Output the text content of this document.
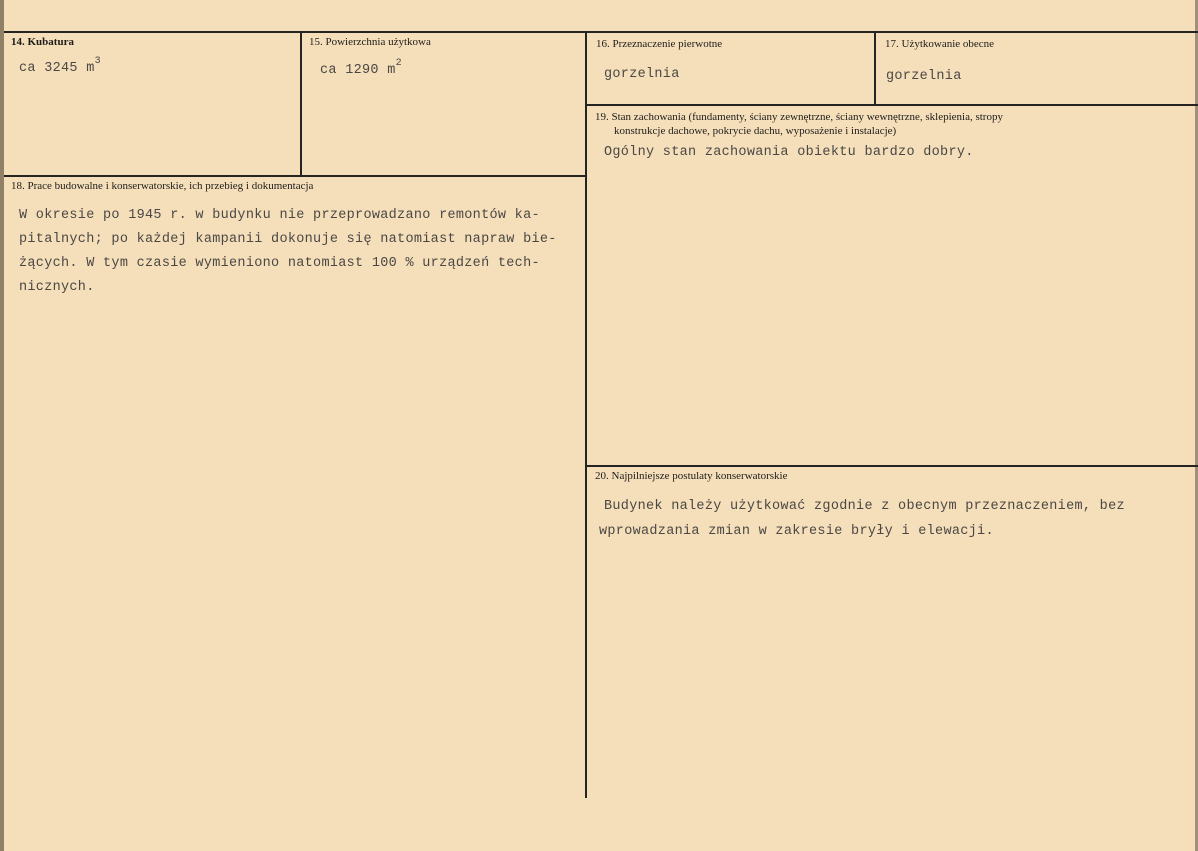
14. Kubatura
ca 3245 $m^3$
15. Powierzchnia użytkowa
ca 1290 $m^2$
16. Przeznaczenie pierwotne
gorzelnia
17. Użytkowanie obecne
gorzelnia
18. Prace budowalne i konserwatorskie, ich przebieg i dokumentacja
W okresie po 1945 r. w budynku nie przeprowadzano remontów ka-
pitalnych; po każdej kampanii dokonuje się natomiast napraw bie-
żących. W tym czasie wymieniono natomiast 100 % urządzeń tech-
nicznych.
19. Stan zachowania (fundamenty, ściany zewnętrzne, ściany wewnętrzne, sklepienia, stropy
konstrukcje dachowe, pokrycie dachu, wyposażenie i instalacje)
Ogólny stan zachowania obiektu bardzo dobry.
20. Najpilniejsze postulaty konserwatorskie
Budynek należy użytkować zgodnie z obecnym przeznaczeniem, bez
wprowadzania zmian w zakresie bryły i elewacji.
